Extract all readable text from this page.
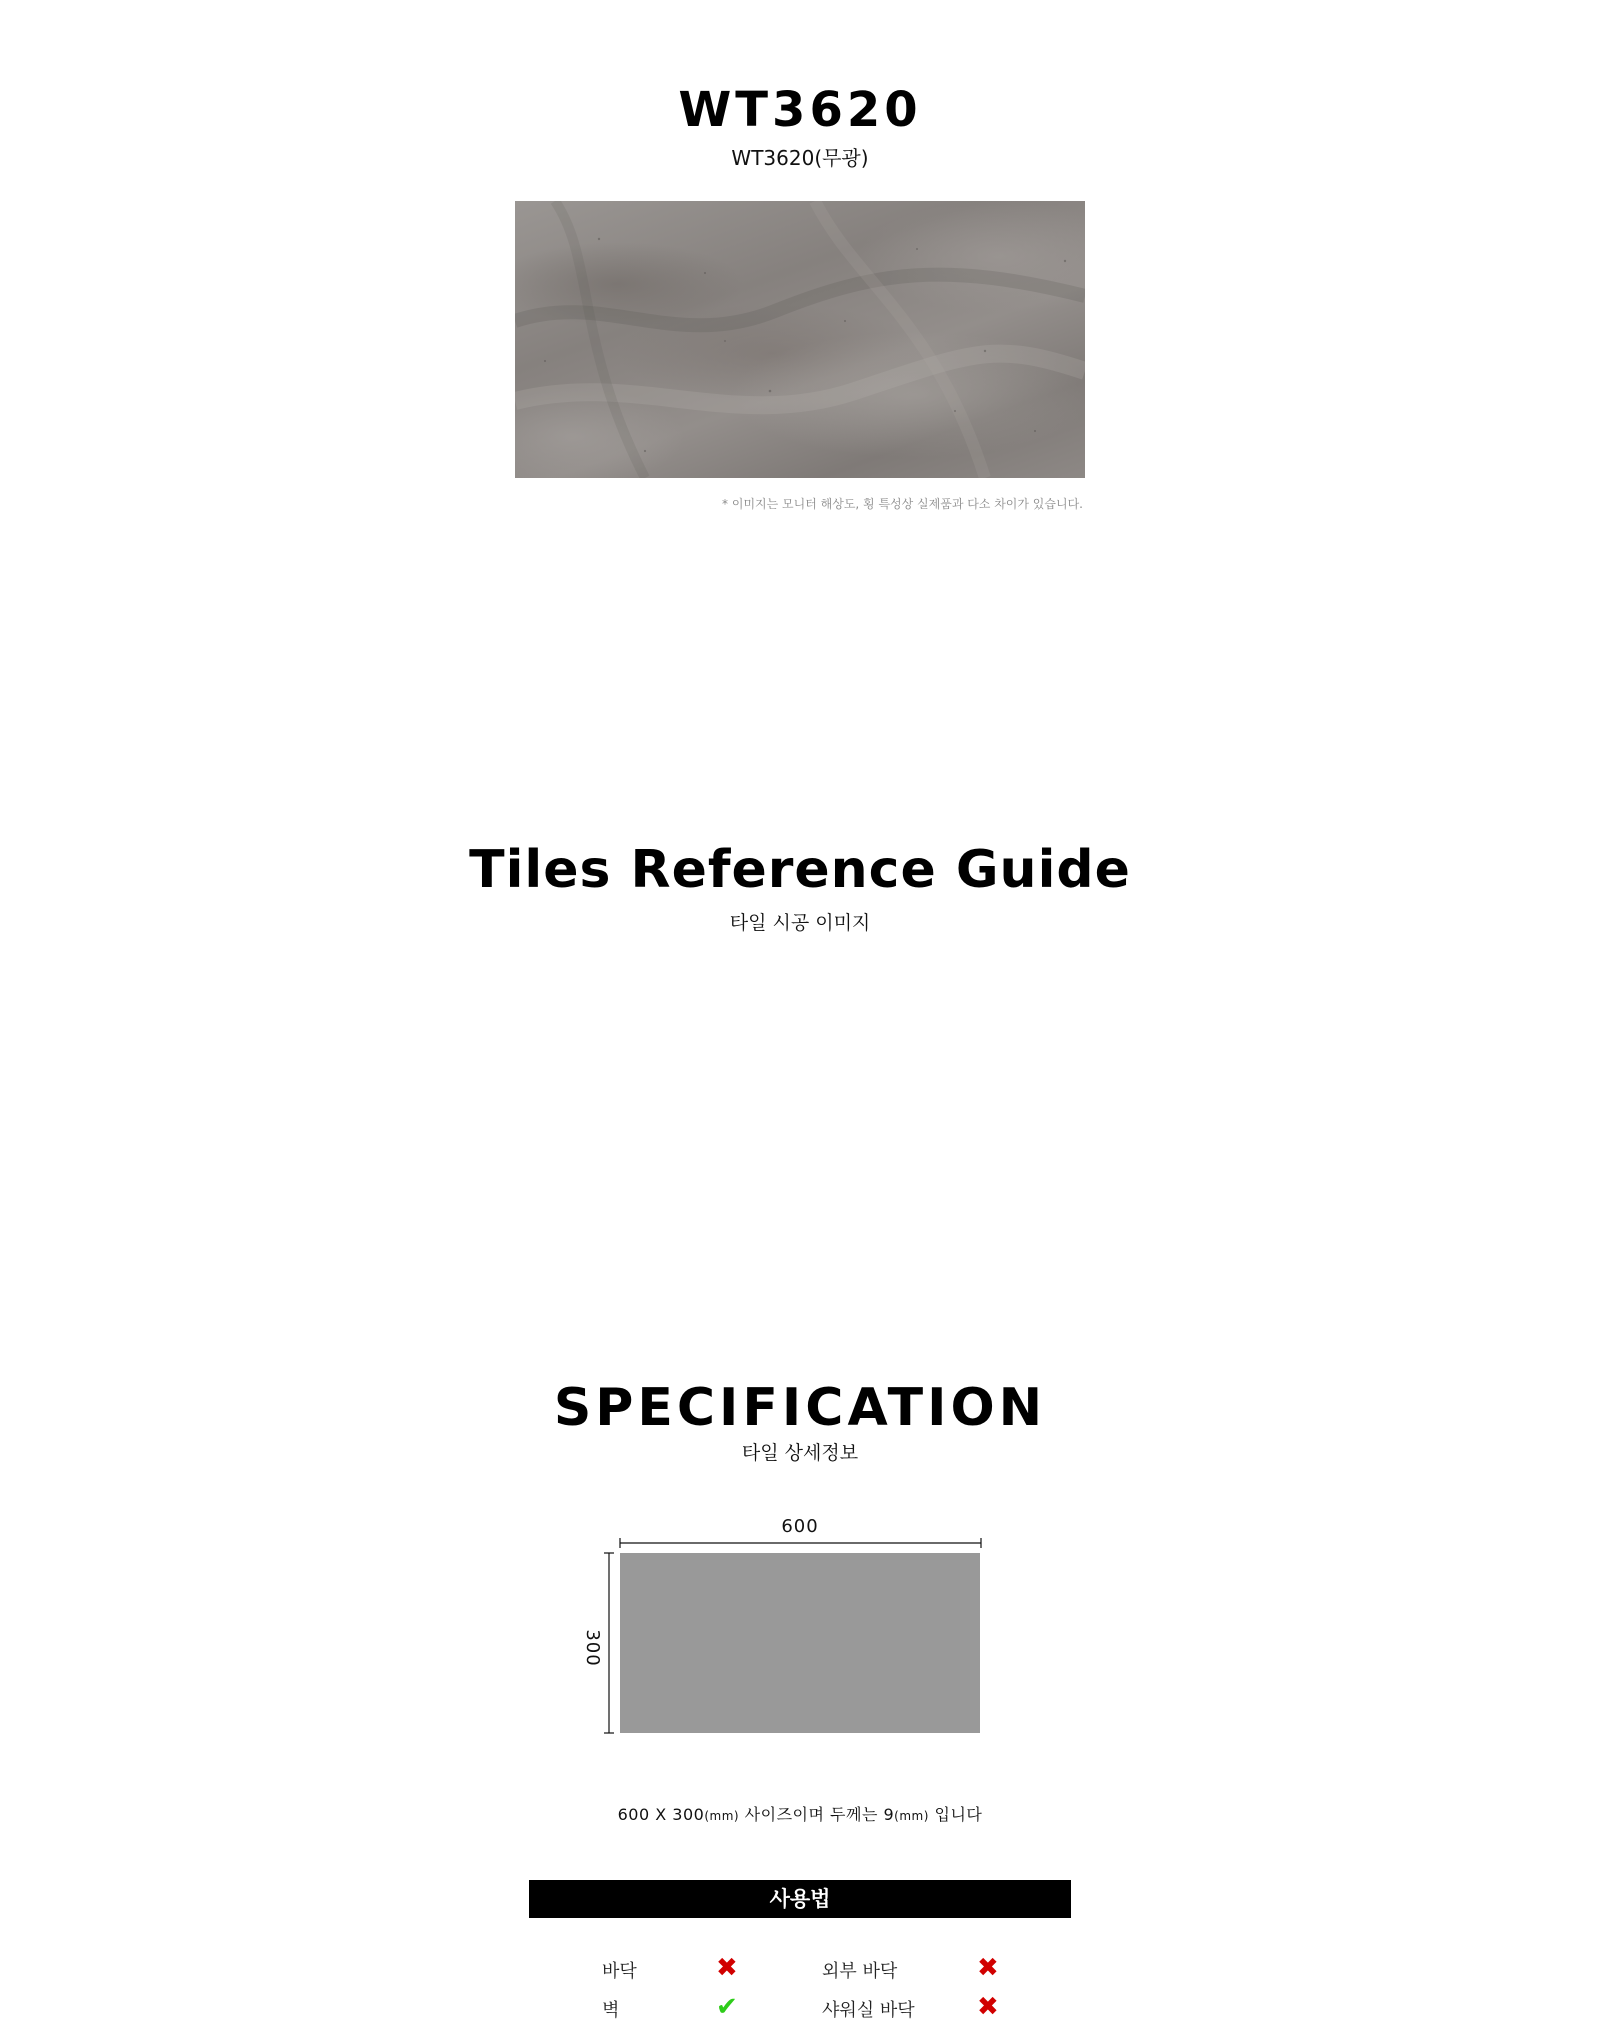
WT3620
WT3620(무광)
* 이미지는 모니터 해상도, 횡 특성상 실제품과 다소 차이가 있습니다.
Tiles Reference Guide
타일 시공 이미지
SPECIFICATION
타일 상세정보
600
300
600 X 300(mm) 사이즈이며 두께는 9(mm) 입니다
사용법
바닥	✖	외부 바닥	✖
벽	✔	샤워실 바닥 ✖
